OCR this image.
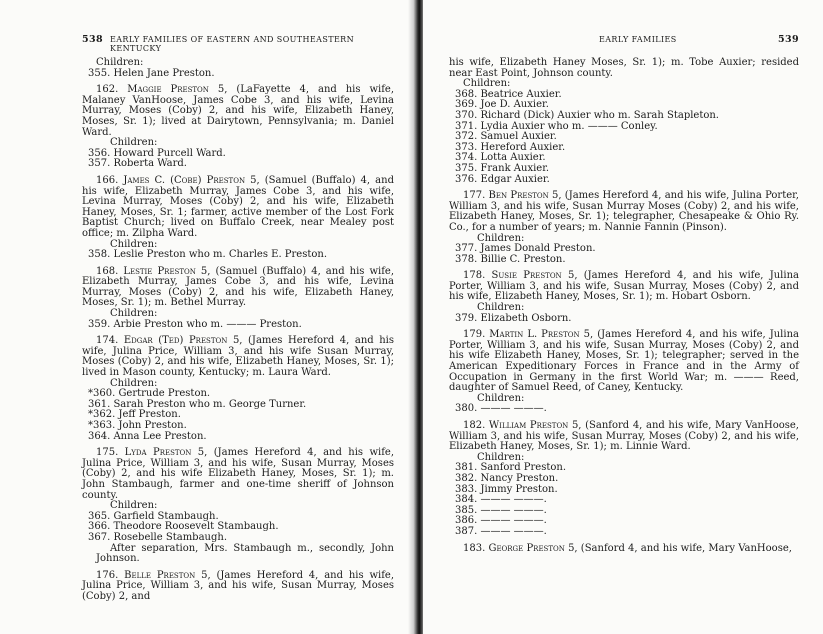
538 EARLY FAMILIES OF EASTERN AND SOUTHEASTERN KENTUCKY

Children:

355. Helen Jane Preston.

162. Maggie Preston 5, (LaFayette 4, and his wife, Malaney VanHoose, James Cobe 3, and his wife, Levina Murray, Moses (Coby) 2, and his wife, Elizabeth Haney, Moses, Sr. 1); lived at Dairytown, Pennsylvania; m. Daniel Ward.

Children:

356. Howard Purcell Ward.
357. Roberta Ward.

166. James C. (Cobe) Preston 5, (Samuel (Buffalo) 4, and his wife, Elizabeth Murray, James Cobe 3, and his wife, Levina Murray, Moses (Coby) 2, and his wife, Elizabeth Haney, Moses, Sr. 1; farmer, active member of the Lost Fork Baptist Church; lived on Buffalo Creek, near Mealey post office; m. Zilpha Ward.

Children:

358. Leslie Preston who m. Charles E. Preston.

168. Lestie Preston 5, (Samuel (Buffalo) 4, and his wife, Elizabeth Murray, James Cobe 3, and his wife, Levina Murray, Moses (Coby) 2, and his wife, Elizabeth Haney, Moses, Sr. 1); m. Bethel Murray.

Children:

359. Arbie Preston who m. ——— Preston.

174. Edgar (Ted) Preston 5, (James Hereford 4, and his wife, Julina Price, William 3, and his wife Susan Murray, Moses (Coby) 2, and his wife, Elizabeth Haney, Moses, Sr. 1); lived in Mason county, Kentucky; m. Laura Ward.

Children:

*360. Gertrude Preston.
361. Sarah Preston who m. George Turner.
*362. Jeff Preston.
*363. John Preston.
364. Anna Lee Preston.

175. Lyda Preston 5, (James Hereford 4, and his wife, Julina Price, William 3, and his wife, Susan Murray, Moses (Coby) 2, and his wife Elizabeth Haney, Moses, Sr. 1); m. John Stambaugh, farmer and one-time sheriff of Johnson county.

Children:

365. Garfield Stambaugh.
366. Theodore Roosevelt Stambaugh.
367. Rosebelle Stambaugh.

After separation, Mrs. Stambaugh m., secondly, John Johnson.

176. Belle Preston 5, (James Hereford 4, and his wife, Julina Price, William 3, and his wife, Susan Murray, Moses (Coby) 2, and

EARLY FAMILIES	539

his wife, Elizabeth Haney Moses, Sr. 1); m. Tobe Auxier; resided near East Point, Johnson county.

Children:

368. Beatrice Auxier.
369. Joe D. Auxier.
370. Richard (Dick) Auxier who m. Sarah Stapleton.
371. Lydia Auxier who m. ——— Conley.
372. Samuel Auxier.
373. Hereford Auxier.
374. Lotta Auxier.
375. Frank Auxier.
376. Edgar Auxier.

177. Ben Preston 5, (James Hereford 4, and his wife, Julina Porter, William 3, and his wife, Susan Murray Moses (Coby) 2, and his wife, Elizabeth Haney, Moses, Sr. 1); telegrapher, Chesapeake & Ohio Ry. Co., for a number of years; m. Nannie Fannin (Pinson).

Children:

377. James Donald Preston.
378. Billie C. Preston.

178. Susie Preston 5, (James Hereford 4, and his wife, Julina Porter, William 3, and his wife, Susan Murray, Moses (Coby) 2, and his wife, Elizabeth Haney, Moses, Sr. 1); m. Hobart Osborn.

Children:

379. Elizabeth Osborn.

179. Martin L. Preston 5, (James Hereford 4, and his wife, Julina Porter, William 3, and his wife, Susan Murray, Moses (Coby) 2, and his wife Elizabeth Haney, Moses, Sr. 1); telegrapher; served in the American Expeditionary Forces in France and in the Army of Occupation in Germany in the first World War; m. ——— Reed, daughter of Samuel Reed, of Caney, Kentucky.

Children:

380. ——— ———.

182. William Preston 5, (Sanford 4, and his wife, Mary VanHoose, William 3, and his wife, Susan Murray, Moses (Coby) 2, and his wife, Elizabeth Haney, Moses, Sr. 1); m. Linnie Ward.

Children:

381. Sanford Preston.
382. Nancy Preston.
383. Jimmy Preston.
384. ——— ———.
385. ——— ———.
386. ——— ———.
387. ——— ———.

183. George Preston 5, (Sanford 4, and his wife, Mary VanHoose,
